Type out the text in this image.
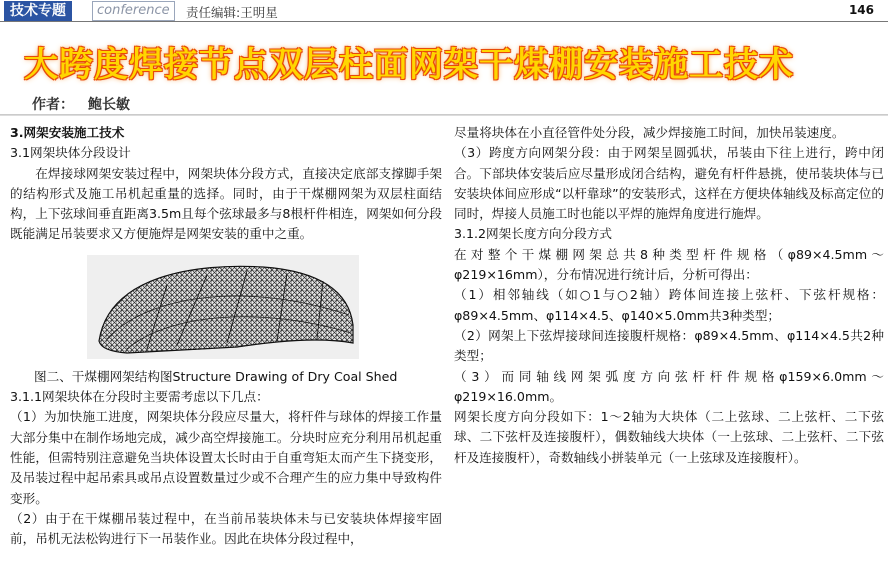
技术专题	conference	责任编辑:王明星	146
大跨度焊接节点双层柱面网架干煤棚安装施工技术
作者： 鲍长敏

3.网架安装施工技术

3.1网架块体分段设计

在焊接球网架安装过程中，网架块体分段方式，直接决定底部支撑脚手架的结构形式及施工吊机起重量的选择。同时，由于干煤棚网架为双层柱面结构，上下弦球间垂直距离3.5m且每个弦球最多与8根杆件相连，网架如何分段既能满足吊装要求又方便施焊是网架安装的重中之重。

图二、干煤棚网架结构图Structure Drawing of Dry Coal Shed

3.1.1网架块体在分段时主要需考虑以下几点：

（1）为加快施工进度，网架块体分段应尽量大，将杆件与球体的焊接工作量大部分集中在制作场地完成，减少高空焊接施工。分块时应充分利用吊机起重性能，但需特别注意避免当块体设置太长时由于自重弯矩太而产生下挠变形，及吊装过程中起吊索具或吊点设置数量过少或不合理产生的应力集中导致构件变形。

（2）由于在干煤棚吊装过程中，在当前吊装块体未与已安装块体焊接牢固前，吊机无法松钩进行下一吊装作业。因此在块体分段过程中，

尽量将块体在小直径管件处分段，减少焊接施工时间，加快吊装速度。

（3）跨度方向网架分段：由于网架呈圆弧状，吊装由下往上进行，跨中闭合。下部块体安装后应尽量形成闭合结构，避免有杆件悬挑，使吊装块体与已安装块体间应形成“以杆靠球”的安装形式，这样在方便块体轴线及标高定位的同时，焊接人员施工时也能以平焊的施焊角度进行施焊。

3.1.2网架长度方向分段方式

在对整个干煤棚网架总共8种类型杆件规格（φ89×4.5mm～φ219×16mm），分布情况进行统计后，分析可得出：

（1）相邻轴线（如○1与○2轴）跨体间连接上弦杆、下弦杆规格：φ89×4.5mm、φ114×4.5、φ140×5.0mm共3种类型；

（2）网架上下弦焊接球间连接腹杆规格：φ89×4.5mm、φ114×4.5共2种类型；

（3）而同轴线网架弧度方向弦杆杆件规格φ159×6.0mm～φ219×16.0mm。

网架长度方向分段如下：1～2轴为大块体（二上弦球、二上弦杆、二下弦球、二下弦杆及连接腹杆），偶数轴线大块体（一上弦球、二上弦杆、二下弦杆及连接腹杆），奇数轴线小拼装单元（一上弦球及连接腹杆）。
